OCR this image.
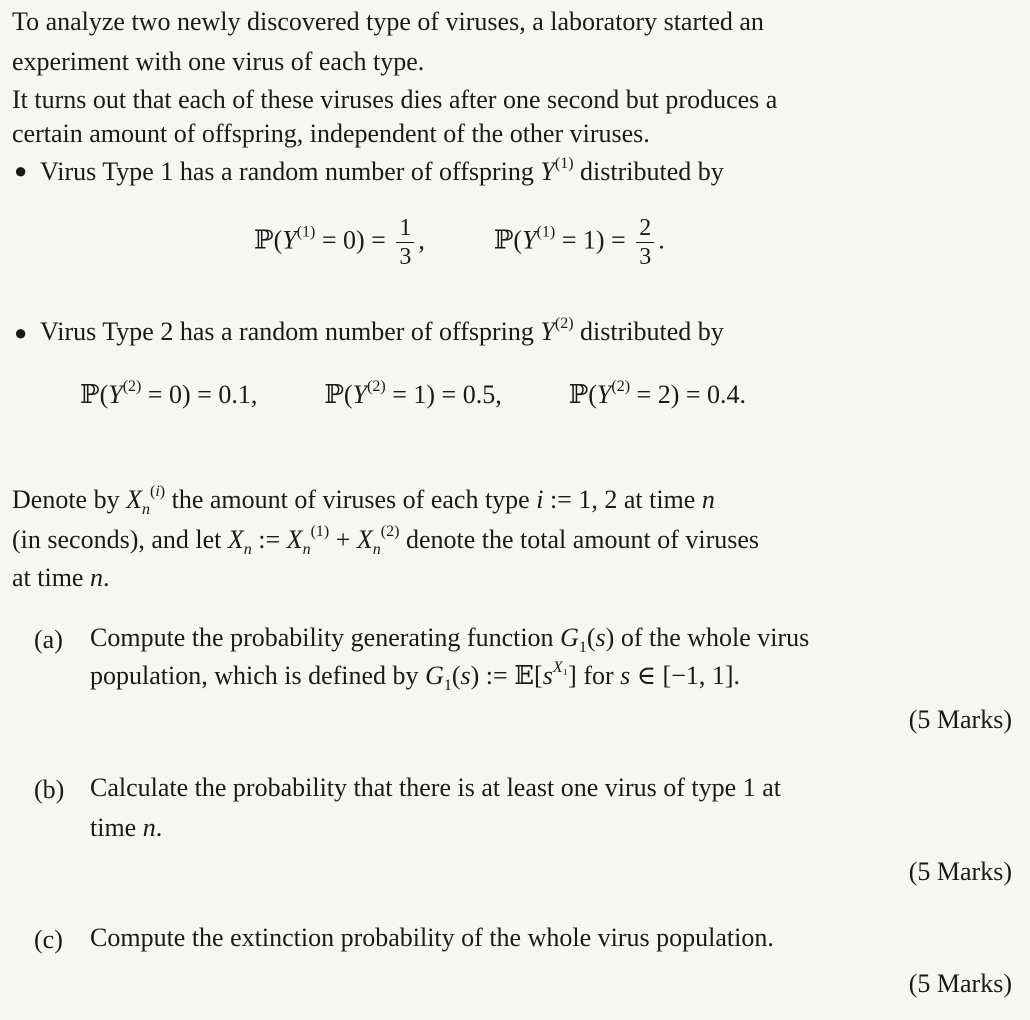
To analyze two newly discovered type of viruses, a laboratory started an
experiment with one virus of each type.
It turns out that each of these viruses dies after one second but produces a
certain amount of offspring, independent of the other viruses.
● Virus Type 1 has a random number of offspring $Y^{(1)}$ distributed by
$ℙ(Y^{(1)} = 0) = \frac{1}{3}$ ,  $ℙ(Y^{(1)} = 1) = \frac{2}{3}$ .
● Virus Type 2 has a random number of offspring $Y^{(2)}$ distributed by
$ℙ(Y^{(2)} = 0) = 0.1$,  $ℙ(Y^{(2)} = 1) = 0.5$,  $ℙ(Y^{(2)} = 2) = 0.4$.
Denote by $X_n^{(i)}$ the amount of viruses of each type i := 1, 2 at time n
(in seconds), and let $X_n$ := $X_n^{(1)} + X_n^{(2)}$ denote the total amount of viruses
at time n.
(a) Compute the probability generating function $G_1(s)$ of the whole virus
population, which is defined by $G_1(s)$ := $𝔼[s^{X_1}]$ for s ∈ [−1, 1].
(5 Marks)
(b) Calculate the probability that there is at least one virus of type 1 at
time n.
(5 Marks)
(c) Compute the extinction probability of the whole virus population.
(5 Marks)
